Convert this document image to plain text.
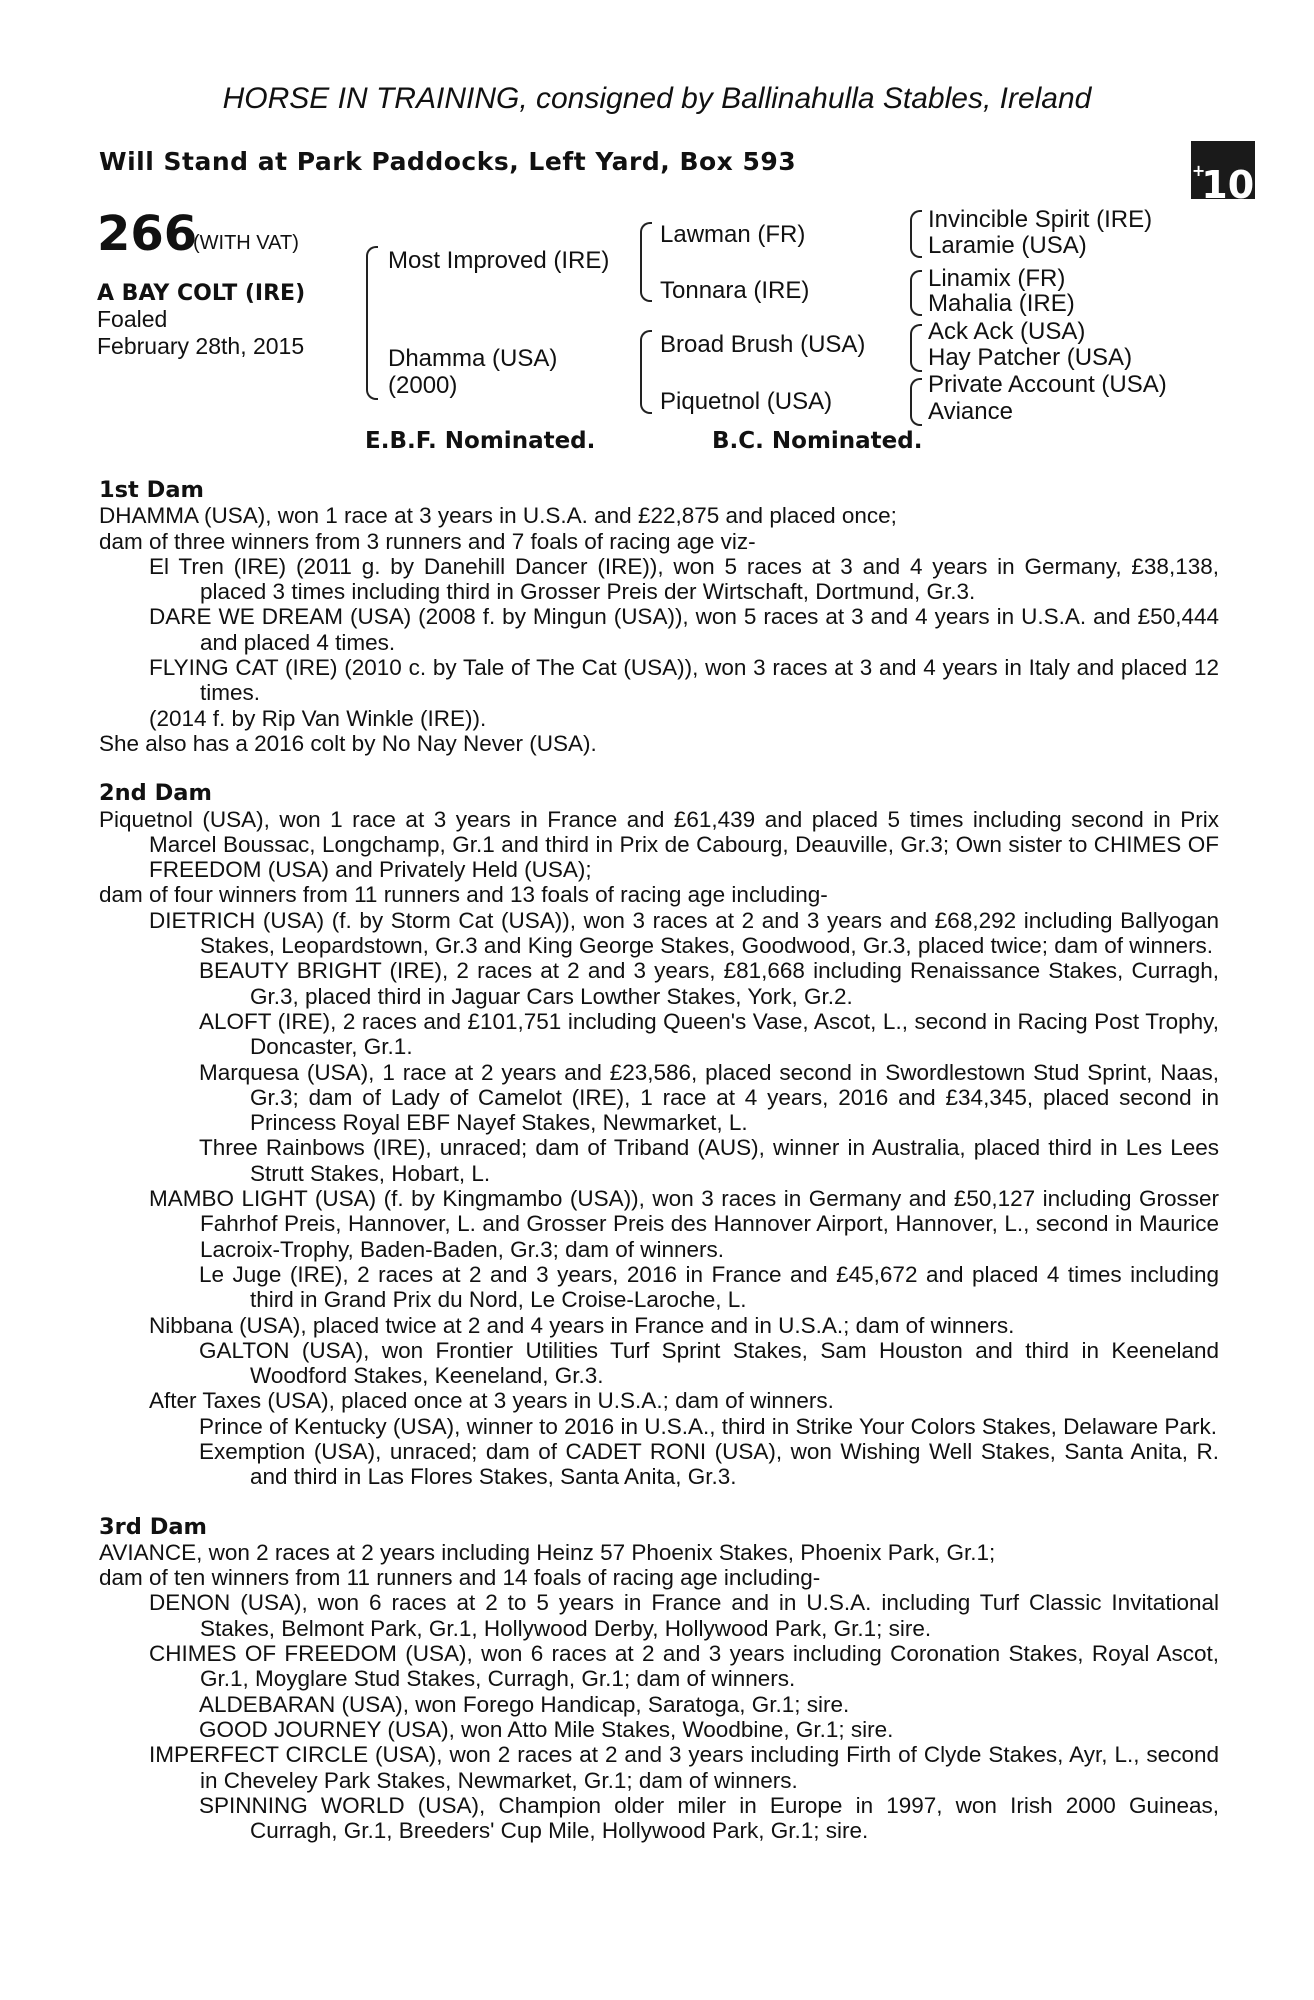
HORSE IN TRAINING, consigned by Ballinahulla Stables, Ireland
Will Stand at Park Paddocks, Left Yard, Box 593	+10
266
(WITH VAT)
A BAY COLT (IRE)
Foaled
February 28th, 2015
Most Improved (IRE)
Dhamma (USA)
(2000)
Lawman (FR)
Tonnara (IRE)
Broad Brush (USA)
Piquetnol (USA)
Invincible Spirit (IRE)
Laramie (USA)
Linamix (FR)
Mahalia (IRE)
Ack Ack (USA)
Hay Patcher (USA)
Private Account (USA)
Aviance
E.B.F. Nominated.	B.C. Nominated.

1st Dam

DHAMMA (USA), won 1 race at 3 years in U.S.A. and £22,875 and placed once;

dam of three winners from 3 runners and 7 foals of racing age viz-

El Tren (IRE) (2011 g. by Danehill Dancer (IRE)), won 5 races at 3 and 4 years in Germany, £38,138, placed 3 times including third in Grosser Preis der Wirtschaft, Dortmund, Gr.3.

DARE WE DREAM (USA) (2008 f. by Mingun (USA)), won 5 races at 3 and 4 years in U.S.A. and £50,444 and placed 4 times.

FLYING CAT (IRE) (2010 c. by Tale of The Cat (USA)), won 3 races at 3 and 4 years in Italy and placed 12 times.

(2014 f. by Rip Van Winkle (IRE)).

She also has a 2016 colt by No Nay Never (USA).

2nd Dam

Piquetnol (USA), won 1 race at 3 years in France and £61,439 and placed 5 times including second in Prix Marcel Boussac, Longchamp, Gr.1 and third in Prix de Cabourg, Deauville, Gr.3; Own sister to CHIMES OF FREEDOM (USA) and Privately Held (USA);

dam of four winners from 11 runners and 13 foals of racing age including-

DIETRICH (USA) (f. by Storm Cat (USA)), won 3 races at 2 and 3 years and £68,292 including Ballyogan Stakes, Leopardstown, Gr.3 and King George Stakes, Goodwood, Gr.3, placed twice; dam of winners.

BEAUTY BRIGHT (IRE), 2 races at 2 and 3 years, £81,668 including Renaissance Stakes, Curragh, Gr.3, placed third in Jaguar Cars Lowther Stakes, York, Gr.2.

ALOFT (IRE), 2 races and £101,751 including Queen's Vase, Ascot, L., second in Racing Post Trophy, Doncaster, Gr.1.

Marquesa (USA), 1 race at 2 years and £23,586, placed second in Swordlestown Stud Sprint, Naas, Gr.3; dam of Lady of Camelot (IRE), 1 race at 4 years, 2016 and £34,345, placed second in Princess Royal EBF Nayef Stakes, Newmarket, L.

Three Rainbows (IRE), unraced; dam of Triband (AUS), winner in Australia, placed third in Les Lees Strutt Stakes, Hobart, L.

MAMBO LIGHT (USA) (f. by Kingmambo (USA)), won 3 races in Germany and £50,127 including Grosser Fahrhof Preis, Hannover, L. and Grosser Preis des Hannover Airport, Hannover, L., second in Maurice Lacroix-Trophy, Baden-Baden, Gr.3; dam of winners.

Le Juge (IRE), 2 races at 2 and 3 years, 2016 in France and £45,672 and placed 4 times including third in Grand Prix du Nord, Le Croise-Laroche, L.

Nibbana (USA), placed twice at 2 and 4 years in France and in U.S.A.; dam of winners.

GALTON (USA), won Frontier Utilities Turf Sprint Stakes, Sam Houston and third in Keeneland Woodford Stakes, Keeneland, Gr.3.

After Taxes (USA), placed once at 3 years in U.S.A.; dam of winners.

Prince of Kentucky (USA), winner to 2016 in U.S.A., third in Strike Your Colors Stakes, Delaware Park.

Exemption (USA), unraced; dam of CADET RONI (USA), won Wishing Well Stakes, Santa Anita, R. and third in Las Flores Stakes, Santa Anita, Gr.3.

3rd Dam

AVIANCE, won 2 races at 2 years including Heinz 57 Phoenix Stakes, Phoenix Park, Gr.1;

dam of ten winners from 11 runners and 14 foals of racing age including-

DENON (USA), won 6 races at 2 to 5 years in France and in U.S.A. including Turf Classic Invitational Stakes, Belmont Park, Gr.1, Hollywood Derby, Hollywood Park, Gr.1; sire.

CHIMES OF FREEDOM (USA), won 6 races at 2 and 3 years including Coronation Stakes, Royal Ascot, Gr.1, Moyglare Stud Stakes, Curragh, Gr.1; dam of winners.

ALDEBARAN (USA), won Forego Handicap, Saratoga, Gr.1; sire.

GOOD JOURNEY (USA), won Atto Mile Stakes, Woodbine, Gr.1; sire.

IMPERFECT CIRCLE (USA), won 2 races at 2 and 3 years including Firth of Clyde Stakes, Ayr, L., second in Cheveley Park Stakes, Newmarket, Gr.1; dam of winners.

SPINNING WORLD (USA), Champion older miler in Europe in 1997, won Irish 2000 Guineas, Curragh, Gr.1, Breeders' Cup Mile, Hollywood Park, Gr.1; sire.
